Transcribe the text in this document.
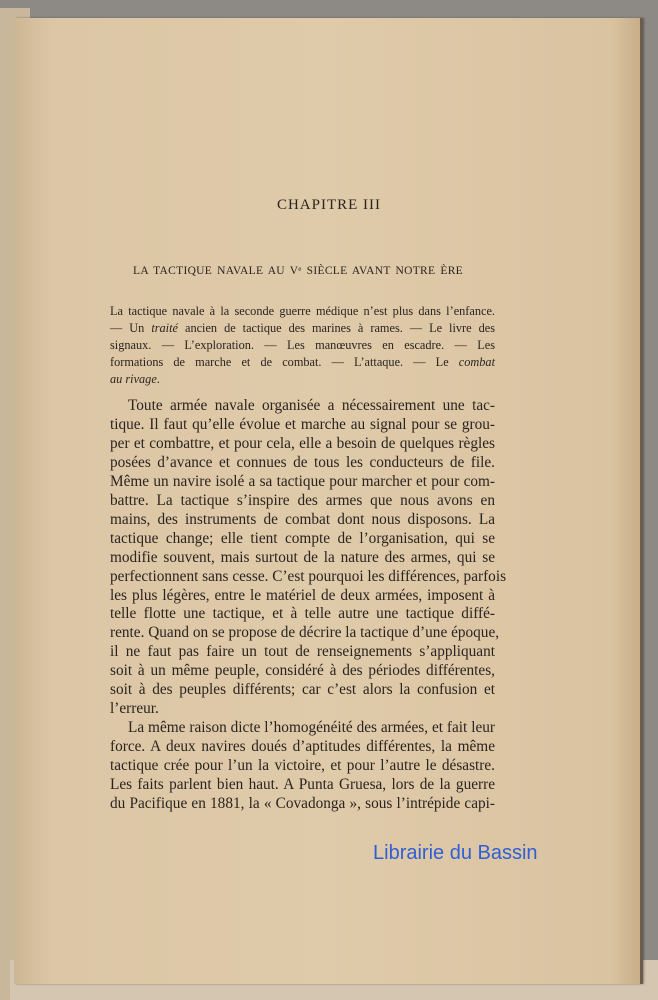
CHAPITRE III
LA TACTIQUE NAVALE AU Vᵉ SIÈCLE AVANT NOTRE ÈRE
La tactique navale à la seconde guerre médique n’est plus dans l’enfance.
— Un traité ancien de tactique des marines à rames. — Le livre des
signaux. — L’exploration. — Les manœuvres en escadre. — Les
formations de marche et de combat. — L’attaque. — Le combat
au rivage.
Toute armée navale organisée a nécessairement une tac-
tique. Il faut qu’elle évolue et marche au signal pour se grou-
per et combattre, et pour cela, elle a besoin de quelques règles
posées d’avance et connues de tous les conducteurs de file.
Même un navire isolé a sa tactique pour marcher et pour com-
battre. La tactique s’inspire des armes que nous avons en
mains, des instruments de combat dont nous disposons. La
tactique change; elle tient compte de l’organisation, qui se
modifie souvent, mais surtout de la nature des armes, qui se
perfectionnent sans cesse. C’est pourquoi les différences, parfois
les plus légères, entre le matériel de deux armées, imposent à
telle flotte une tactique, et à telle autre une tactique diffé-
rente. Quand on se propose de décrire la tactique d’une époque,
il ne faut pas faire un tout de renseignements s’appliquant
soit à un même peuple, considéré à des périodes différentes,
soit à des peuples différents; car c’est alors la confusion et
l’erreur.
La même raison dicte l’homogénéité des armées, et fait leur
force. A deux navires doués d’aptitudes différentes, la même
tactique crée pour l’un la victoire, et pour l’autre le désastre.
Les faits parlent bien haut. A Punta Gruesa, lors de la guerre
du Pacifique en 1881, la « Covadonga », sous l’intrépide capi-
Librairie du Bassin
